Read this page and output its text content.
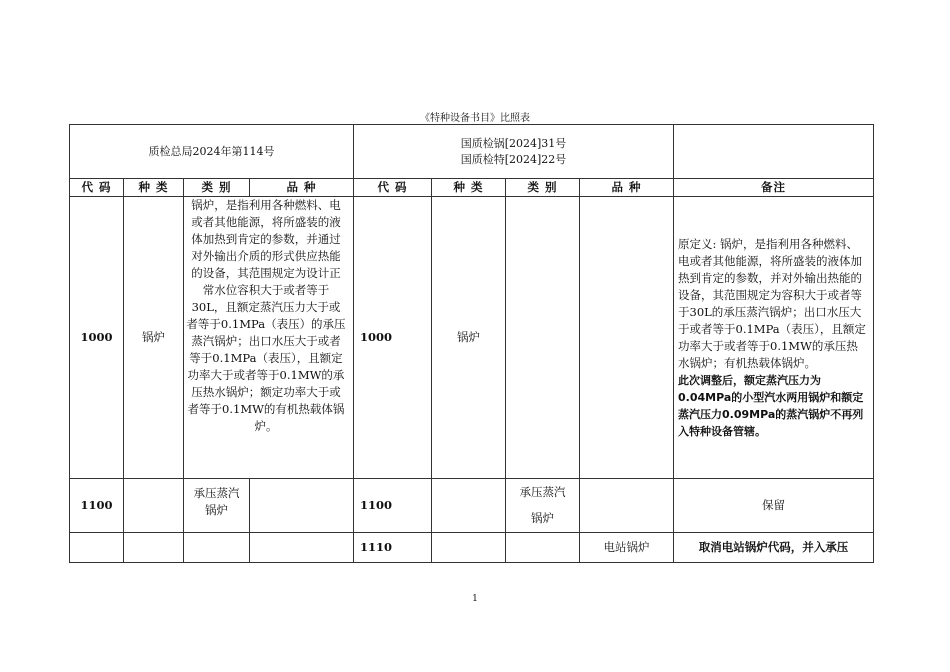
《特种设备书目》比照表
质检总局2024年第114号				国质检锅[2024]31号
国质检特[2024]22号				
代 码	种 类	类 别	品 种	代 码	种 类	类 别	品 种	备注
1000	锅炉	锅炉，是指利用各种燃料、电或者其他能源，将所盛装的液体加热到肯定的参数，并通过对外输出介质的形式供应热能的设备，其范围规定为设计正常水位容积大于或者等于30L，且额定蒸汽压力大于或者等于0.1MPa（表压）的承压蒸汽锅炉；出口水压大于或者等于0.1MPa（表压），且额定功率大于或者等于0.1MW的承压热水锅炉；额定功率大于或者等于0.1MW的有机热载体锅炉。		1000	锅炉			原定义: 锅炉，是指利用各种燃料、电或者其他能源，将所盛装的液体加热到肯定的参数，并对外输出热能的设备，其范围规定为容积大于或者等于30L的承压蒸汽锅炉；出口水压大于或者等于0.1MPa（表压），且额定功率大于或者等于0.1MW的承压热水锅炉；有机热载体锅炉。
此次调整后，额定蒸汽压力为0.04MPa的小型汽水两用锅炉和额定蒸汽压力0.09MPa的蒸汽锅炉不再列入特种设备管辖。

1100		承压蒸汽锅炉		1100		承压蒸汽锅炉		保留
				1110			电站锅炉	取消电站锅炉代码，并入承压
1
